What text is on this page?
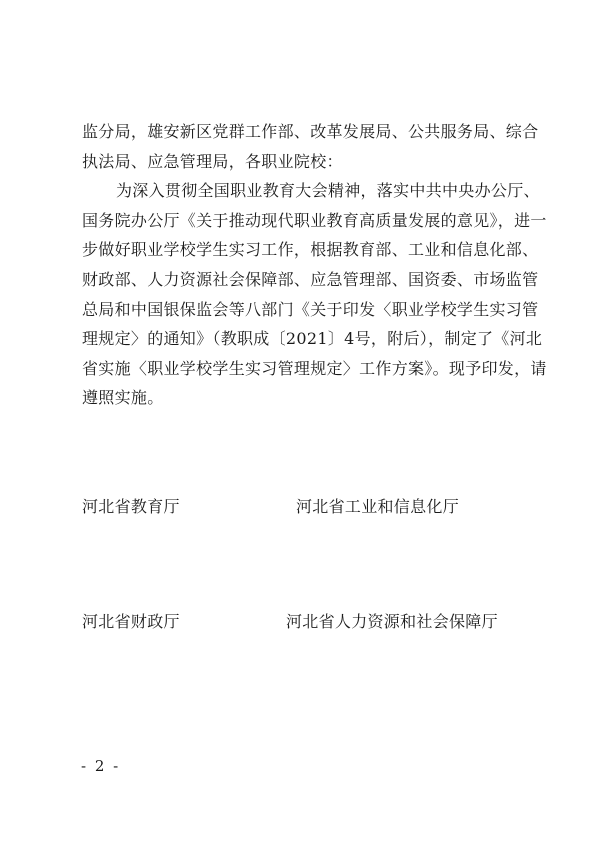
监分局，雄安新区党群工作部、改革发展局、公共服务局、综合
执法局、应急管理局，各职业院校：
为深入贯彻全国职业教育大会精神，落实中共中央办公厅、
国务院办公厅《关于推动现代职业教育高质量发展的意见》，进一
步做好职业学校学生实习工作，根据教育部、工业和信息化部、
财政部、人力资源社会保障部、应急管理部、国资委、市场监管
总局和中国银保监会等八部门《关于印发〈职业学校学生实习管
理规定〉的通知》（教职成〔2021〕4号，附后），制定了《河北
省实施〈职业学校学生实习管理规定〉工作方案》。现予印发，请
遵照实施。
河北省教育厅	河北省工业和信息化厅
河北省财政厅	河北省人力资源和社会保障厅
- 2 -
